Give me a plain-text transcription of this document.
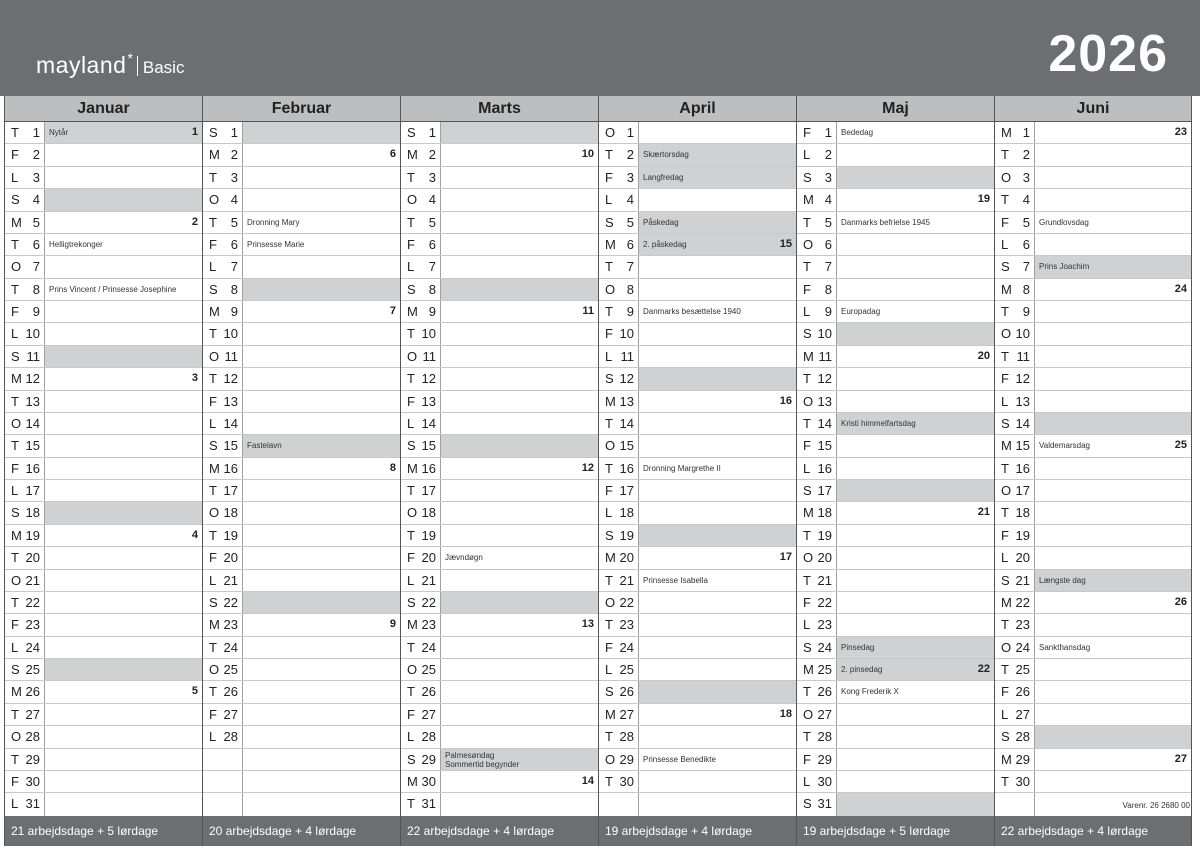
mayland * Basic	2026
Januar
T 1 Nytår	1
F 2
L 3
S 4
M 5	2
T 6 Helligtrekonger
O 7
T 8 Prins Vincent / Prinsesse Josephine
F 9
L 10
S 11
M 12	3
T 13
O 14
T 15
F 16
L 17
S 18
M 19	4
T 20
O 21
T 22
F 23
L 24
S 25
M 26	5
T 27
O 28
T 29
F 30
L 31
21 arbejdsdage + 5 lørdage
Februar
S 1
M 2	6
T 3
O 4
T 5 Dronning Mary
F 6 Prinsesse Marie
L 7
S 8
M 9	7
T 10
O 11
T 12
F 13
L 14
S 15 Fastelavn
M 16	8
T 17
O 18
T 19
F 20
L 21
S 22
M 23	9
T 24
O 25
T 26
F 27
L 28
20 arbejdsdage + 4 lørdage
Marts
S 1
M 2	10
T 3
O 4
T 5
F 6
L 7
S 8
M 9	11
T 10
O 11
T 12
F 13
L 14
S 15
M 16	12
T 17
O 18
T 19
F 20 Jævndøgn
L 21
S 22
M 23	13
T 24
O 25
T 26
F 27
L 28
S 29 Palmesøndag
Sommertid begynder
M 30	14
T 31
22 arbejdsdage + 4 lørdage
April
O 1
T 2 Skærtorsdag
F 3 Langfredag
L 4
S 5 Påskedag
M 6 2. påskedag	15
T 7
O 8
T 9 Danmarks besættelse 1940
F 10
L 11
S 12
M 13	16
T 14
O 15
T 16 Dronning Margrethe II
F 17
L 18
S 19
M 20	17
T 21 Prinsesse Isabella
O 22
T 23
F 24
L 25
S 26
M 27	18
T 28
O 29 Prinsesse Benedikte
T 30
19 arbejdsdage + 4 lørdage
Maj
F 1 Bededag
L 2
S 3
M 4	19
T 5 Danmarks befrielse 1945
O 6
T 7
F 8
L 9 Europadag
S 10
M 11	20
T 12
O 13
T 14 Kristi himmelfartsdag
F 15
L 16
S 17
M 18	21
T 19
O 20
T 21
F 22
L 23
S 24 Pinsedag
M 25 2. pinsedag	22
T 26 Kong Frederik X
O 27
T 28
F 29
L 30
S 31
19 arbejdsdage + 5 lørdage
Juni
M 1	23
T 2
O 3
T 4
F 5 Grundlovsdag
L 6
S 7 Prins Joachim
M 8	24
T 9
O 10
T 11
F 12
L 13
S 14
M 15 Valdemarsdag	25
T 16
O 17
T 18
F 19
L 20
S 21 Længste dag
M 22	26
T 23
O 24 Sankthansdag
T 25
F 26
L 27
S 28
M 29	27
T 30
22 arbejdsdage + 4 lørdage
Varenr. 26 2680 00
